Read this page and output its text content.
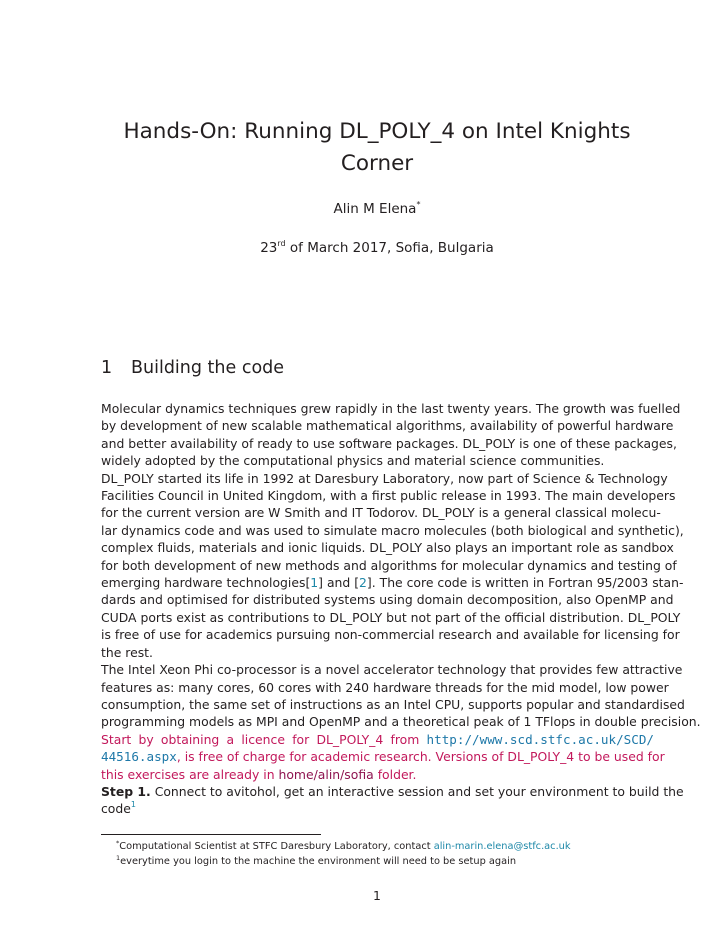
Hands-On: Running DL_POLY_4 on Intel Knights
Corner
Alin M Elena*
23rd of March 2017, Sofia, Bulgaria
1 Building the code

Molecular dynamics techniques grew rapidly in the last twenty years. The growth was fuelled
by development of new scalable mathematical algorithms, availability of powerful hardware
and better availability of ready to use software packages. DL_POLY is one of these packages,
widely adopted by the computational physics and material science communities.

DL_POLY started its life in 1992 at Daresbury Laboratory, now part of Science & Technology
Facilities Council in United Kingdom, with a first public release in 1993. The main developers
for the current version are W Smith and IT Todorov. DL_POLY is a general classical molecu-
lar dynamics code and was used to simulate macro molecules (both biological and synthetic),
complex fluids, materials and ionic liquids. DL_POLY also plays an important role as sandbox
for both development of new methods and algorithms for molecular dynamics and testing of
emerging hardware technologies[1] and [2]. The core code is written in Fortran 95/2003 stan-
dards and optimised for distributed systems using domain decomposition, also OpenMP and
CUDA ports exist as contributions to DL_POLY but not part of the official distribution. DL_POLY
is free of use for academics pursuing non-commercial research and available for licensing for
the rest.

The Intel Xeon Phi co-processor is a novel accelerator technology that provides few attractive
features as: many cores, 60 cores with 240 hardware threads for the mid model, low power
consumption, the same set of instructions as an Intel CPU, supports popular and standardised
programming models as MPI and OpenMP and a theoretical peak of 1 TFlops in double precision.

Start by obtaining a licence for DL_POLY_4 from http://www.scd.stfc.ac.uk/SCD/
44516.aspx, is free of charge for academic research. Versions of DL_POLY_4 to be used for
this exercises are already in home/alin/sofia folder.

Step 1. Connect to avitohol, get an interactive session and set your environment to build the
code$^1$

*Computational Scientist at STFC Daresbury Laboratory, contact alin-marin.elena@stfc.ac.uk
$^1$everytime you login to the machine the environment will need to be setup again
1
